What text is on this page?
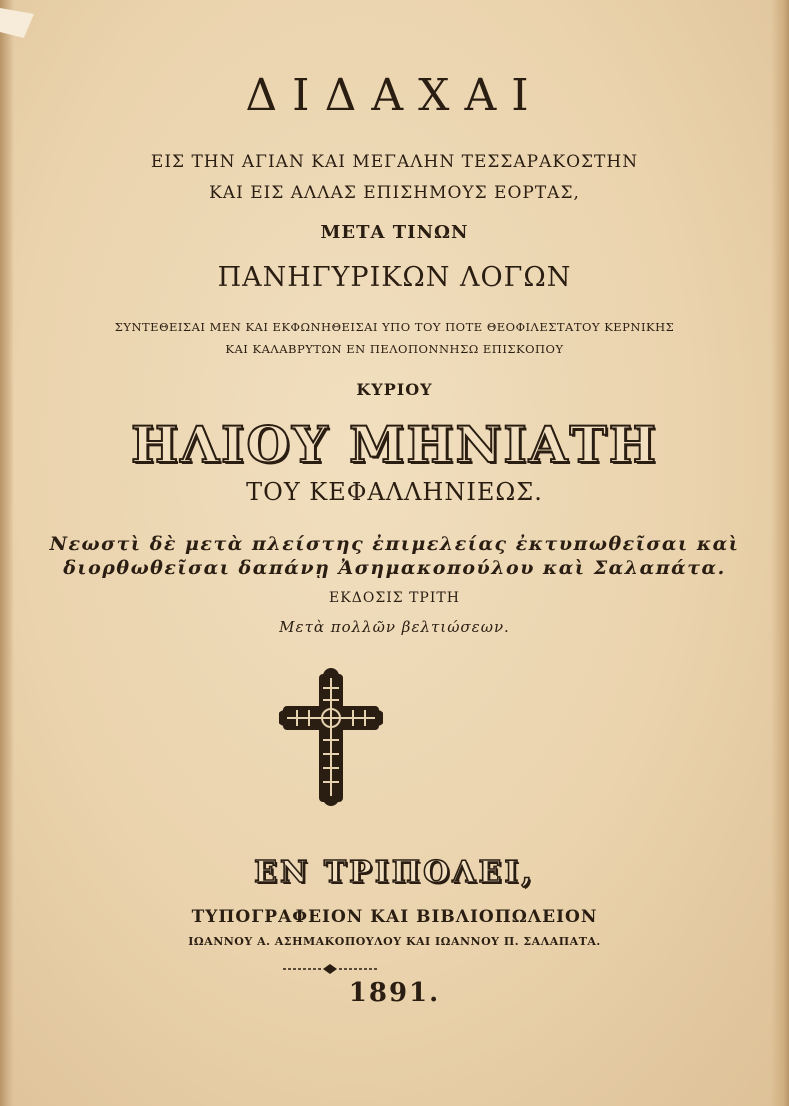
ΔΙΔΑΧΑΙ
ΕΙΣ ΤΗΝ ΑΓΙΑΝ ΚΑΙ ΜΕΓΑΛΗΝ ΤΕΣΣΑΡΑΚΟΣΤΗΝ
ΚΑΙ ΕΙΣ ΑΛΛΑΣ ΕΠΙΣΗΜΟΥΣ ΕΟΡΤΑΣ,
ΜΕΤΑ ΤΙΝΩΝ
ΠΑΝΗΓΥΡΙΚΩΝ ΛΟΓΩΝ
ΣΥΝΤΕΘΕΙΣΑΙ ΜΕΝ ΚΑΙ ΕΚΦΩΝΗΘΕΙΣΑΙ ΥΠΟ ΤΟΥ ΠΟΤΕ ΘΕΟΦΙΛΕΣΤΑΤΟΥ ΚΕΡΝΙΚΗΣ
ΚΑΙ ΚΑΛΑΒΡΥΤΩΝ ΕΝ ΠΕΛΟΠΟΝΝΗΣΩ ΕΠΙΣΚΟΠΟΥ
ΚΥΡΙΟΥ
ΗΛΙΟΥ ΜΗΝΙΑΤΗ
ΤΟΥ ΚΕΦΑΛΛΗΝΙΕΩΣ.
Νεωστὶ δὲ μετὰ πλείστης ἐπιμελείας ἐκτυπωθεῖσαι καὶ
διορθωθεῖσαι δαπάνῃ Ἀσημακοπούλου καὶ Σαλαπάτα.
ΕΚΔΟΣΙΣ ΤΡΙΤΗ
Μετὰ πολλῶν βελτιώσεων.
ΕΝ ΤΡΙΠΟΛΕΙ,
ΤΥΠΟΓΡΑΦΕΙΟΝ ΚΑΙ ΒΙΒΛΙΟΠΩΛΕΙΟΝ
ΙΩΑΝΝΟΥ Α. ΑΣΗΜΑΚΟΠΟΥΛΟΥ ΚΑΙ ΙΩΑΝΝΟΥ Π. ΣΑΛΑΠΑΤΑ.
1891.
